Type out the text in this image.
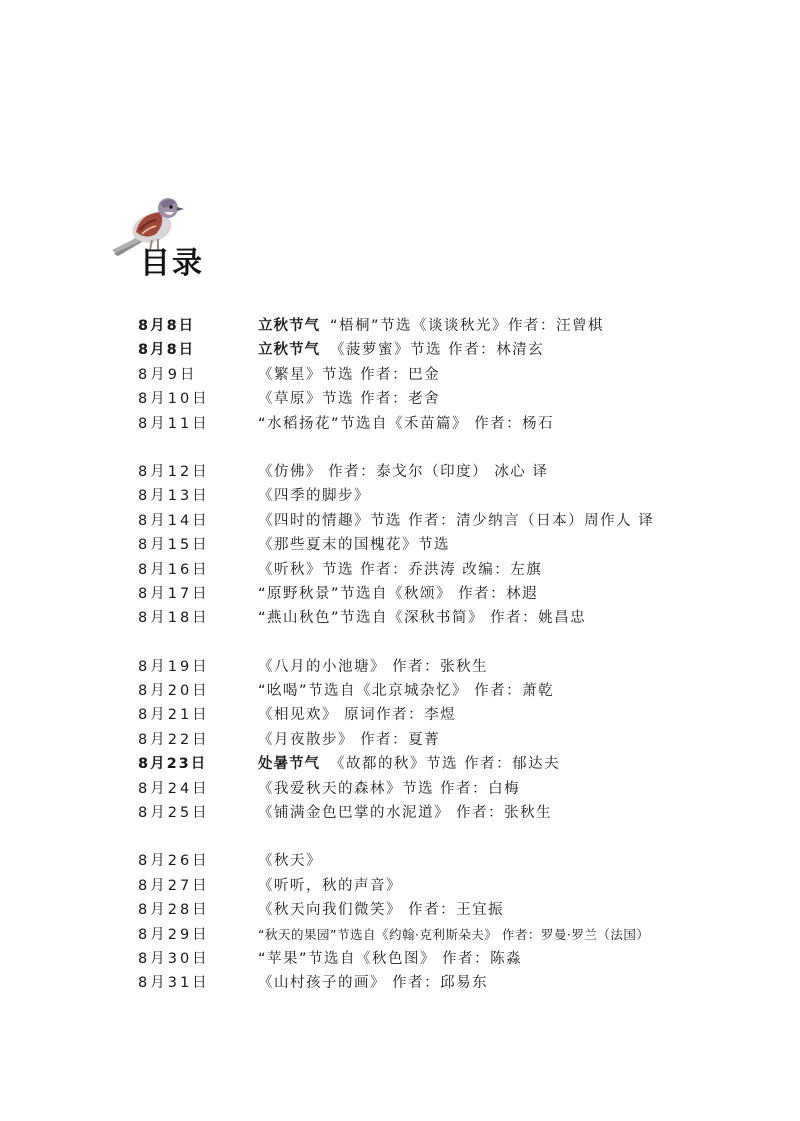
目录
8月8日	立秋节气 “梧桐”节选《谈谈秋光》作者：汪曾棋
8月8日	立秋节气 《菠萝蜜》节选 作者：林清玄
8月9日	《繁星》节选 作者：巴金
8月10日	《草原》节选 作者：老舍
8月11日	“水稻扬花”节选自《禾苗篇》 作者：杨石
8月12日	《仿佛》 作者：泰戈尔（印度） 冰心 译
8月13日	《四季的脚步》
8月14日	《四时的情趣》节选 作者：清少纳言（日本）周作人 译
8月15日	《那些夏末的国槐花》节选
8月16日	《听秋》节选 作者：乔洪涛 改编：左旗
8月17日	“原野秋景”节选自《秋颂》 作者：林遐
8月18日	“燕山秋色”节选自《深秋书简》 作者：姚昌忠
8月19日	《八月的小池塘》 作者：张秋生
8月20日	“吆喝”节选自《北京城杂忆》 作者：萧乾
8月21日	《相见欢》 原词作者：李煜
8月22日	《月夜散步》 作者：夏菁
8月23日	处暑节气 《故都的秋》节选 作者：郁达夫
8月24日	《我爱秋天的森林》节选 作者：白梅
8月25日	《铺满金色巴掌的水泥道》 作者：张秋生
8月26日	《秋天》
8月27日	《听听，秋的声音》
8月28日	《秋天向我们微笑》 作者：王宜振
8月29日	“秋天的果园”节选自《约翰·克利斯朵夫》 作者：罗曼·罗兰（法国）
8月30日	“苹果”节选自《秋色图》 作者：陈淼
8月31日	《山村孩子的画》 作者：邱易东
